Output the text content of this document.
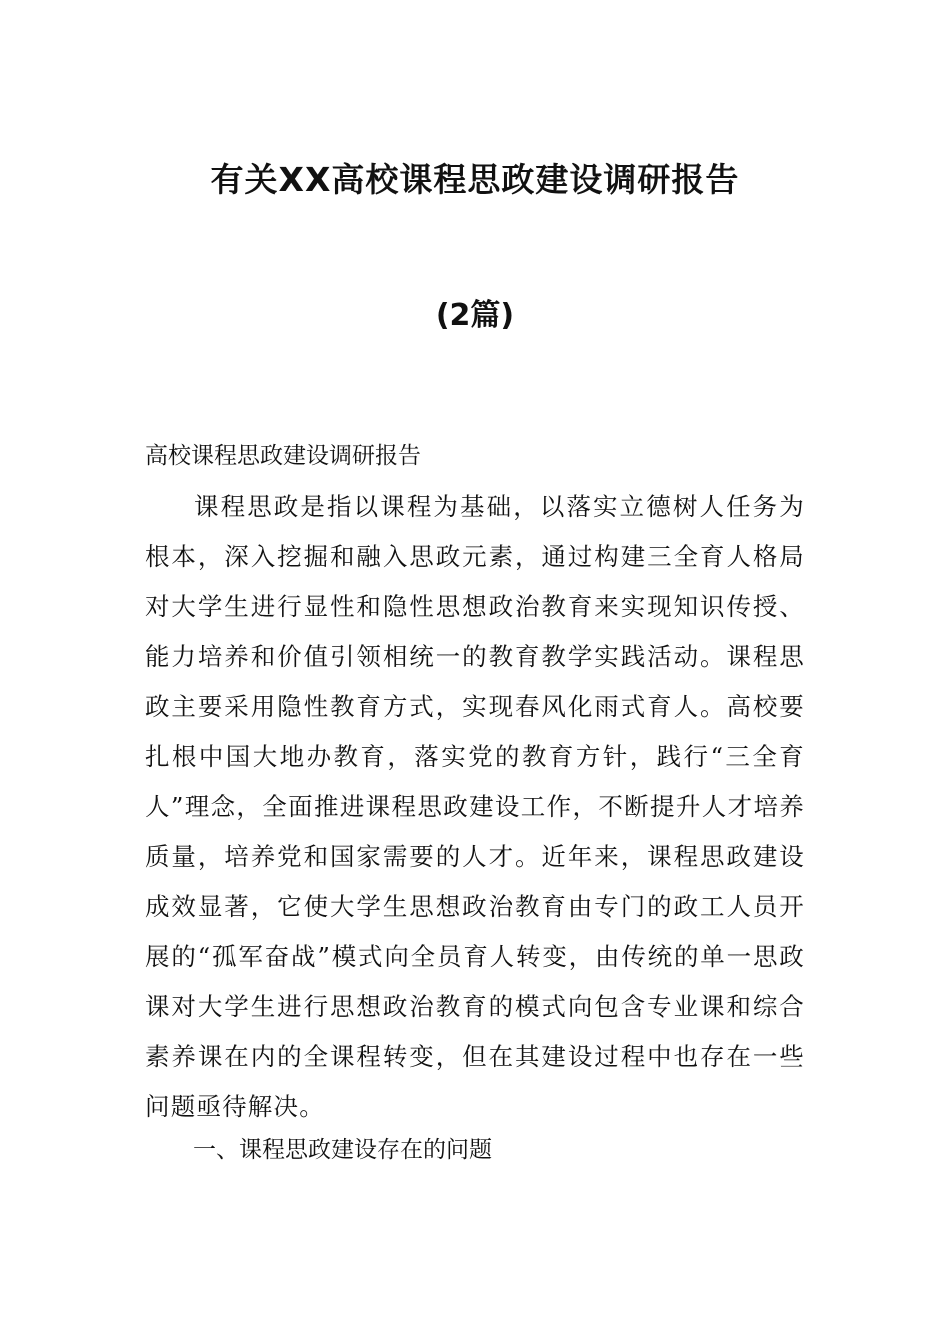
有关XX高校课程思政建设调研报告
(2篇)

高校课程思政建设调研报告

课程思政是指以课程为基础，以落实立德树人任务为根本，深入挖掘和融入思政元素，通过构建三全育人格局对大学生进行显性和隐性思想政治教育来实现知识传授、能力培养和价值引领相统一的教育教学实践活动。课程思政主要采用隐性教育方式，实现春风化雨式育人。高校要扎根中国大地办教育，落实党的教育方针，践行“三全育人”理念，全面推进课程思政建设工作，不断提升人才培养质量，培养党和国家需要的人才。近年来，课程思政建设成效显著，它使大学生思想政治教育由专门的政工人员开展的“孤军奋战”模式向全员育人转变，由传统的单一思政课对大学生进行思想政治教育的模式向包含专业课和综合素养课在内的全课程转变，但在其建设过程中也存在一些问题亟待解决。

一、课程思政建设存在的问题
